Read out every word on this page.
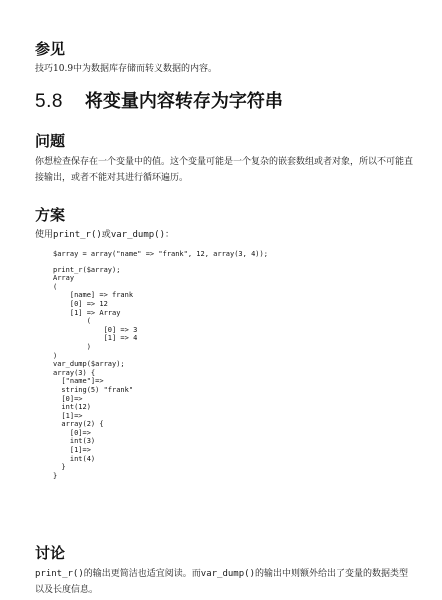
参见

技巧10.9中为数据库存储而转义数据的内容。

5.8 将变量内容转存为字符串
问题

你想检查保存在一个变量中的值。这个变量可能是一个复杂的嵌套数组或者对象，所以不可能直接输出，或者不能对其进行循环遍历。

方案

使用print_r()或var_dump()：

$array = array("name" => "frank", 12, array(3, 4));
print_r($array);
Array
(
[name] => frank
[0] => 12
[1] => Array
(
[0] => 3
[1] => 4
)
)
var_dump($array);
array(3) {
["name"]=>
string(5) "frank"
[0]=>
int(12)
[1]=>
array(2) {
[0]=>
int(3)
[1]=>
int(4)
}
}
讨论

print_r()的输出更简洁也适宜阅读。而var_dump()的输出中则额外给出了变量的数据类型以及长度信息。
